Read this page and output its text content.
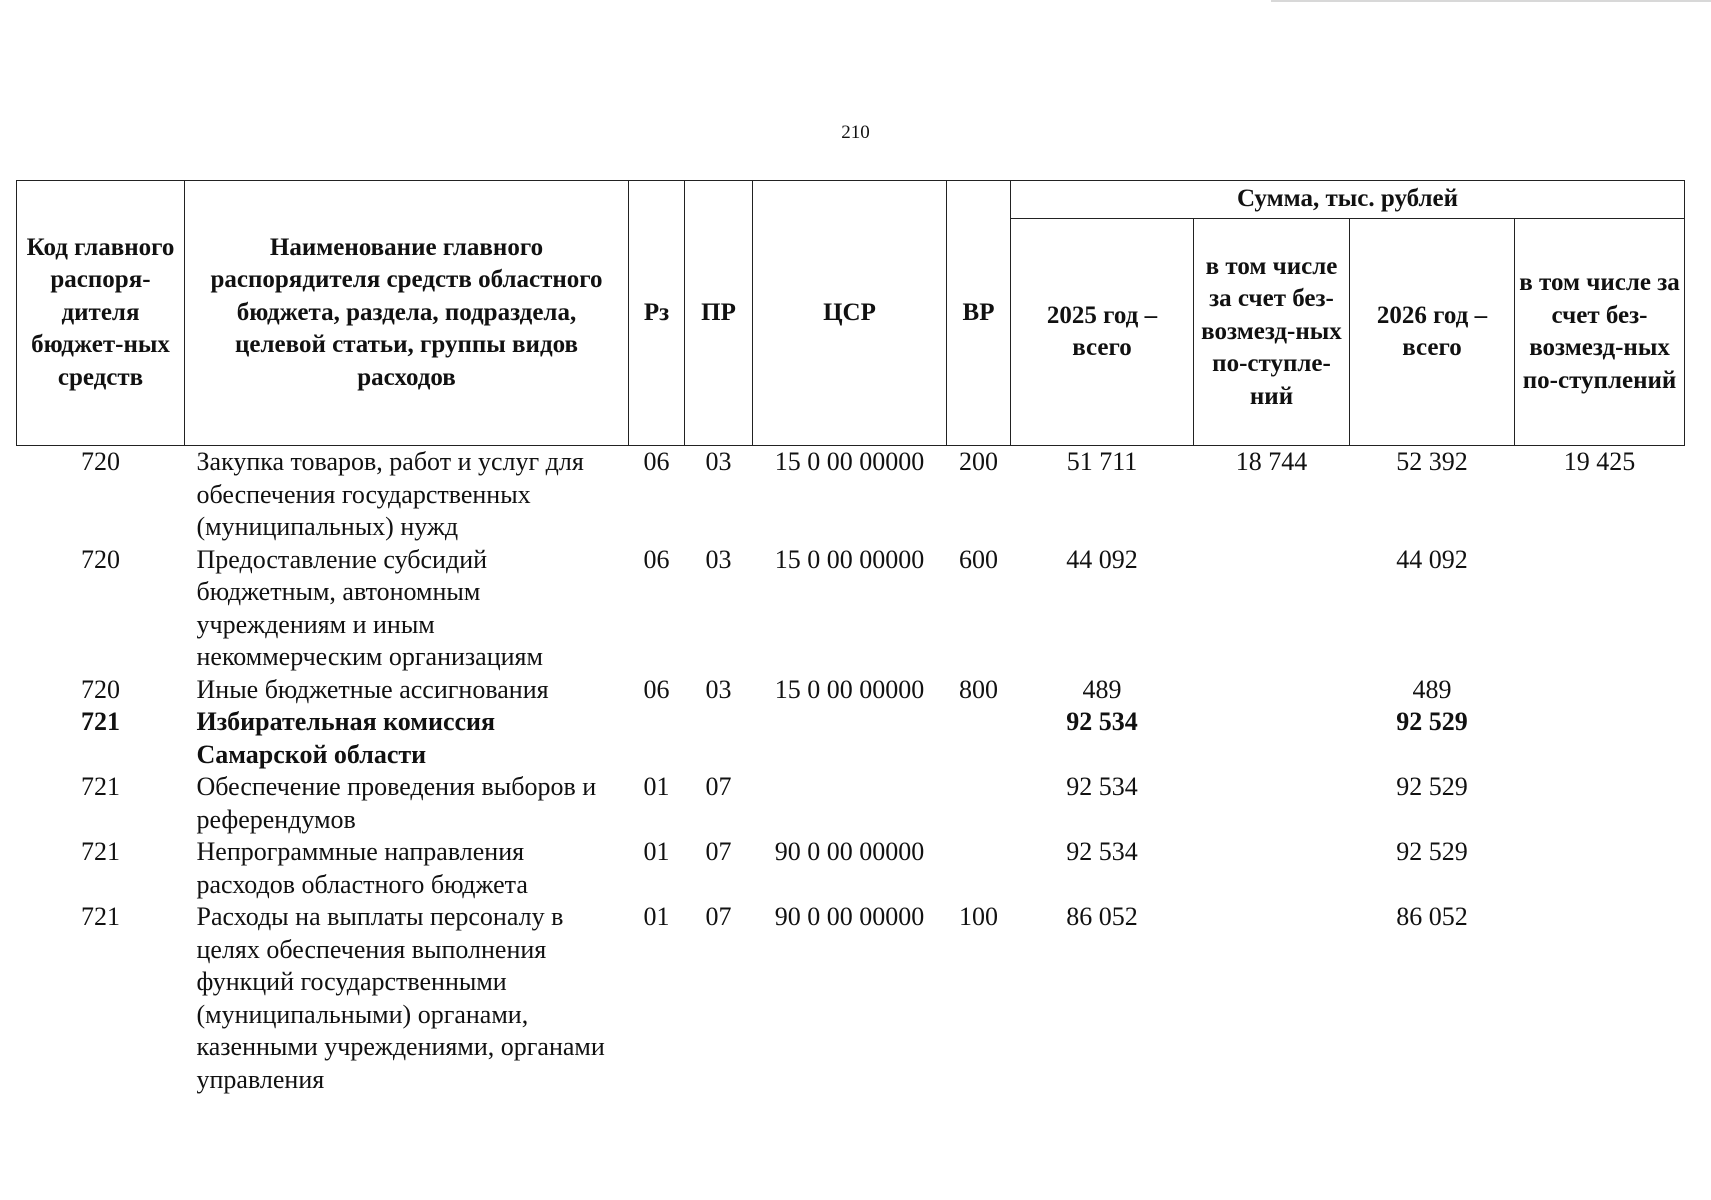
210
Код главного распоря-дителя бюджет-ных средств	Наименование главного распорядителя средств областного бюджета, раздела, подраздела, целевой статьи, группы видов расходов	Рз	ПР	ЦСР	ВР	Сумма, тыс. рублей			
						2025 год – всего	в том числе за счет без-возмезд-ных по-ступле-ний	2026 год – всего	в том числе за счет без-возмезд-ных по-ступлений
720	Закупка товаров, работ и услуг для обеспечения государственных (муниципальных) нужд	06	03	15 0 00 00000	200	51 711	18 744	52 392	19 425
720	Предоставление субсидий бюджетным, автономным учреждениям и иным некоммерческим организациям	06	03	15 0 00 00000	600	44 092		44 092	
720	Иные бюджетные ассигнования	06	03	15 0 00 00000	800	489		489	
721	Избирательная комиссия Самарской области					92 534		92 529	
721	Обеспечение проведения выборов и референдумов	01	07			92 534		92 529	
721	Непрограммные направления расходов областного бюджета	01	07	90 0 00 00000		92 534		92 529	
721	Расходы на выплаты персоналу в целях обеспечения выполнения функций государственными (муниципальными) органами, казенными учреждениями, органами управления	01	07	90 0 00 00000	100	86 052		86 052	
